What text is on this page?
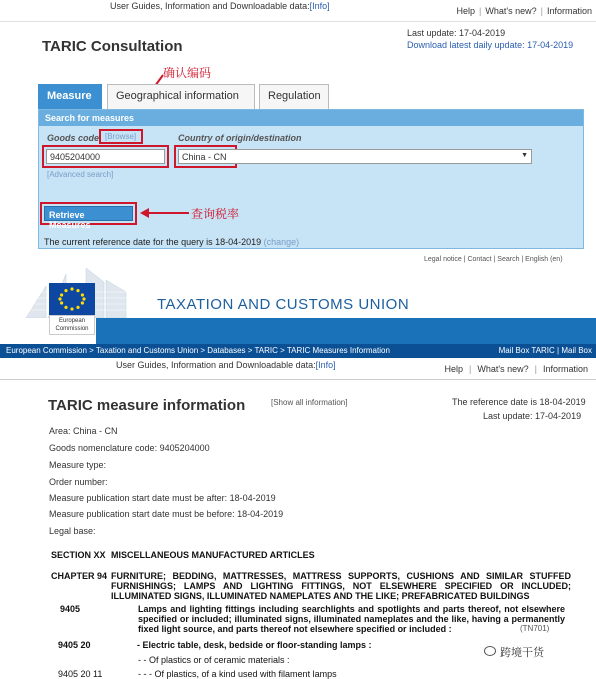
User Guides, Information and Downloadable data:[Info]	Help | What's new? | Information
TARIC Consultation
Last update: 17-04-2019
Download latest daily update: 17-04-2019
确认编码
Measure	Geographical information	Regulation
Search for measures
Goods code [Browse]	Country of origin/destination
9405204000	China - CN	▼
[Advanced search]
Retrieve Measures
查询税率
The current reference date for the query is 18-04-2019 (change)
Legal notice | Contact | Search | English (en)
European
Commission
TAXATION AND CUSTOMS UNION
European Commission > Taxation and Customs Union > Databases > TARIC > TARIC Measures Information	Mail Box TARIC | Mail Box
User Guides, Information and Downloadable data:[Info]	Help | What's new? | Information
TARIC measure information	[Show all information]	The reference date is 18-04-2019
Last update: 17-04-2019
Area: China - CN
Goods nomenclature code: 9405204000
Measure type:
Order number:
Measure publication start date must be after: 18-04-2019
Measure publication start date must be before: 18-04-2019
Legal base:
SECTION XX MISCELLANEOUS MANUFACTURED ARTICLES
CHAPTER 94 FURNITURE; BEDDING, MATTRESSES, MATTRESS SUPPORTS, CUSHIONS AND SIMILAR STUFFED FURNISHINGS; LAMPS AND LIGHTING FITTINGS, NOT ELSEWHERE SPECIFIED OR INCLUDED; ILLUMINATED SIGNS, ILLUMINATED NAMEPLATES AND THE LIKE; PREFABRICATED BUILDINGS
9405	Lamps and lighting fittings including searchlights and spotlights and parts thereof, not elsewhere specified or included; illuminated signs, illuminated nameplates and the like, having a permanently fixed light source, and parts thereof not elsewhere specified or included :	(TN701)
9405 20	- Electric table, desk, bedside or floor-standing lamps :
- - Of plastics or of ceramic materials :
9405 20 11	- - - Of plastics, of a kind used with filament lamps
跨境干货
